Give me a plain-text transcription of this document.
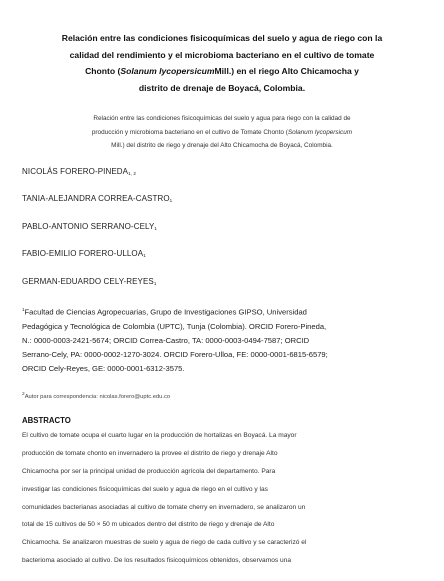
Relación entre las condiciones fisicoquímicas del suelo y agua de riego con la
calidad del rendimiento y el microbioma bacteriano en el cultivo de tomate
Chonto (Solanum lycopersicumMill.) en el riego Alto Chicamocha y
distrito de drenaje de Boyacá, Colombia.
Relación entre las condiciones fisicoquímicas del suelo y agua para riego con la calidad de
producción y microbioma bacteriano en el cultivo de Tomate Chonto (Solanum lycopersicum
Mill.) del distrito de riego y drenaje del Alto Chicamocha de Boyacá, Colombia.
NICOLÁS FORERO-$PINEDA_{1, 2}$
TANIA-ALEJANDRA CORREA-$CASTRO_1$
PABLO-ANTONIO SERRANO-$CELY_1$
FABIO-EMILIO FORERO-$ULLOA_1$
GERMAN-EDUARDO CELY-$REYES_1$
$^1$Facultad de Ciencias Agropecuarias, Grupo de Investigaciones GIPSO, Universidad
Pedagógica y Tecnológica de Colombia (UPTC), Tunja (Colombia). ORCID Forero-Pineda,
N.: 0000-0003-2421-5674; ORCID Correa-Castro, TA: 0000-0003-0494-7587; ORCID
Serrano-Cely, PA: 0000-0002-1270-3024. ORCID Forero-Ulloa, FE: 0000-0001-6815-6579;
ORCID Cely-Reyes, GE: 0000-0001-6312-3575.
$^2$Autor para correspondencia: nicolas.forero@uptc.edu.co
ABSTRACTO
El cultivo de tomate ocupa el cuarto lugar en la producción de hortalizas en Boyacá. La mayor
producción de tomate chonto en invernadero la provee el distrito de riego y drenaje Alto
Chicamocha por ser la principal unidad de producción agrícola del departamento. Para
investigar las condiciones fisicoquímicas del suelo y agua de riego en el cultivo y las
comunidades bacterianas asociadas al cultivo de tomate cherry en invernadero, se analizaron un
total de 15 cultivos de 50 × 50 m ubicados dentro del distrito de riego y drenaje de Alto
Chicamocha. Se analizaron muestras de suelo y agua de riego de cada cultivo y se caracterizó el
bacterioma asociado al cultivo. De los resultados fisicoquímicos obtenidos, observamos una
